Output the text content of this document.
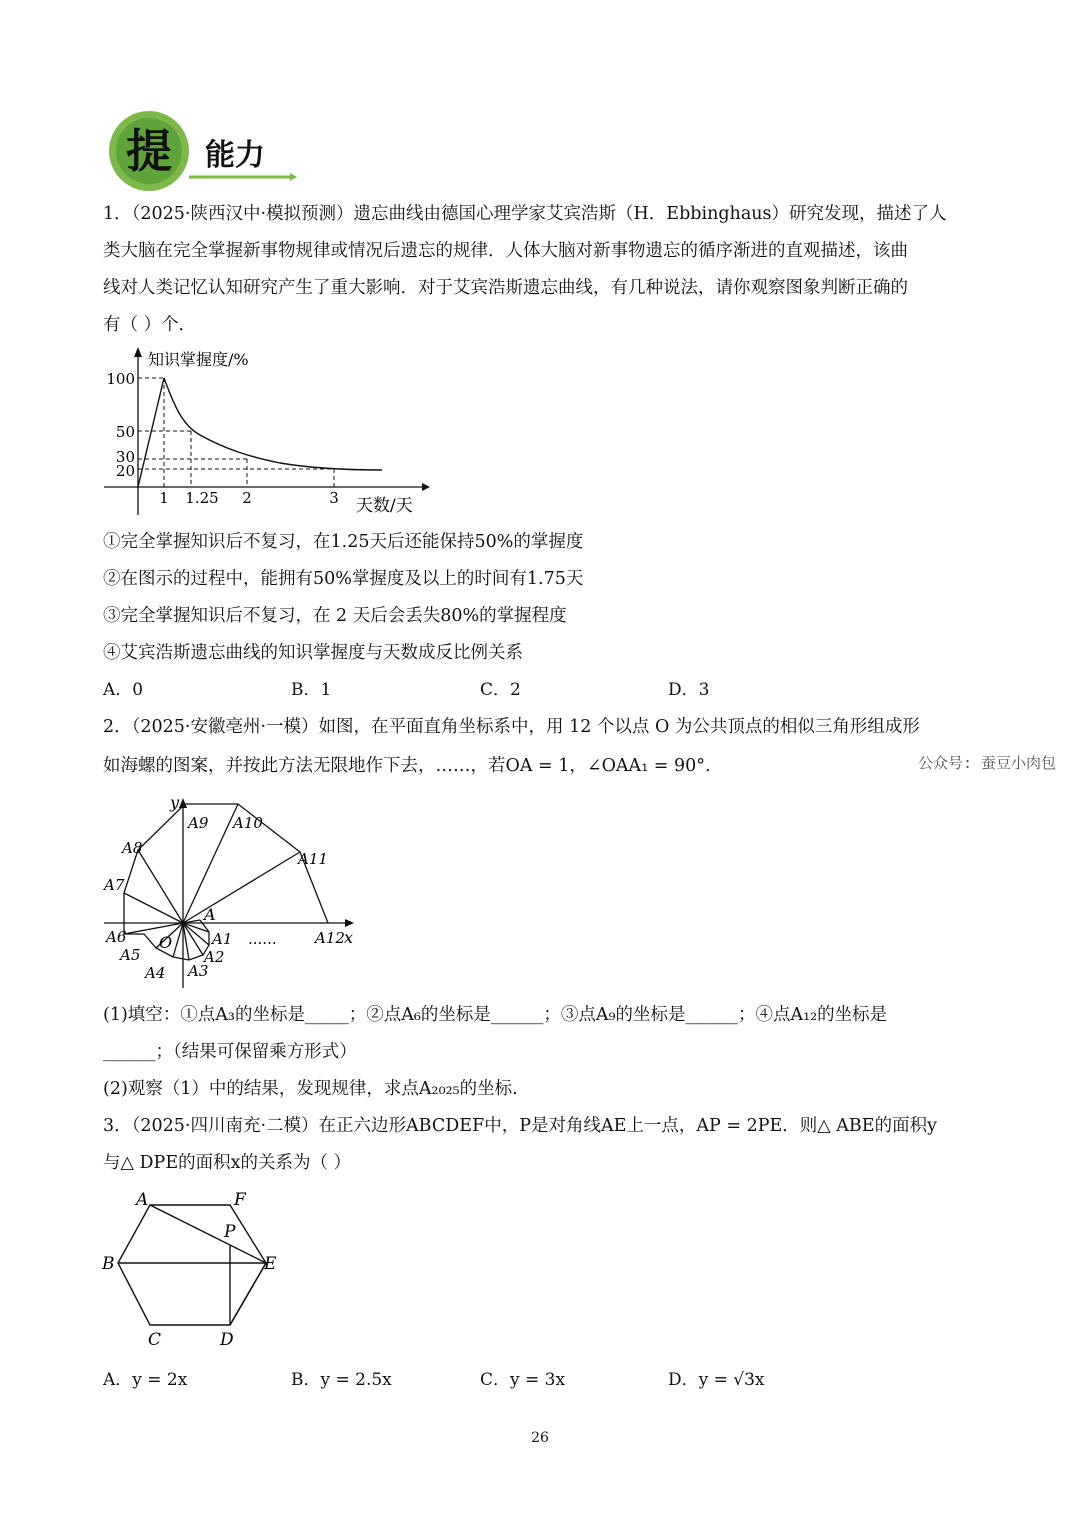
提 能力
1．（2025·陕西汉中·模拟预测）遗忘曲线由德国心理学家艾宾浩斯（H．Ebbinghaus）研究发现，描述了人
类大脑在完全掌握新事物规律或情况后遗忘的规律．人体大脑对新事物遗忘的循序渐进的直观描述，该曲
线对人类记忆认知研究产生了重大影响．对于艾宾浩斯遗忘曲线，有几种说法，请你观察图象判断正确的
有（ ）个．
知识掌握度/%
天数/天
100
50
30
20
1 1.25 2	3
①完全掌握知识后不复习，在1.25天后还能保持50%的掌握度
②在图示的过程中，能拥有50%掌握度及以上的时间有1.75天
③完全掌握知识后不复习，在 2 天后会丢失80%的掌握程度
④艾宾浩斯遗忘曲线的知识掌握度与天数成反比例关系
A．0	B．1	C．2	D．3
2．（2025·安徽亳州·一模）如图，在平面直角坐标系中，用 12 个以点 O 为公共顶点的相似三角形组成形
如海螺的图案，并按此方法无限地作下去，……，若OA = 1，∠OAA₁ = 90°.	公众号: 蚕豆小肉包
y
x
O
A
......
A1
A2
A3
A4
A5
A6
A7
A8
A9 A10
A11
A12
(1)填空：①点A₃的坐标是_____；②点A₆的坐标是______；③点A₉的坐标是______；④点A₁₂的坐标是
______；（结果可保留乘方形式）
(2)观察（1）中的结果，发现规律，求点A₂₀₂₅的坐标.
3．（2025·四川南充·二模）在正六边形ABCDEF中，P是对角线AE上一点，AP = 2PE．则△ ABE的面积y
与△ DPE的面积x的关系为（ ）
A	F
P
B	E
C	D
A．y = 2x	B．y = 2.5x	C．y = 3x	D．y = √3x
26
